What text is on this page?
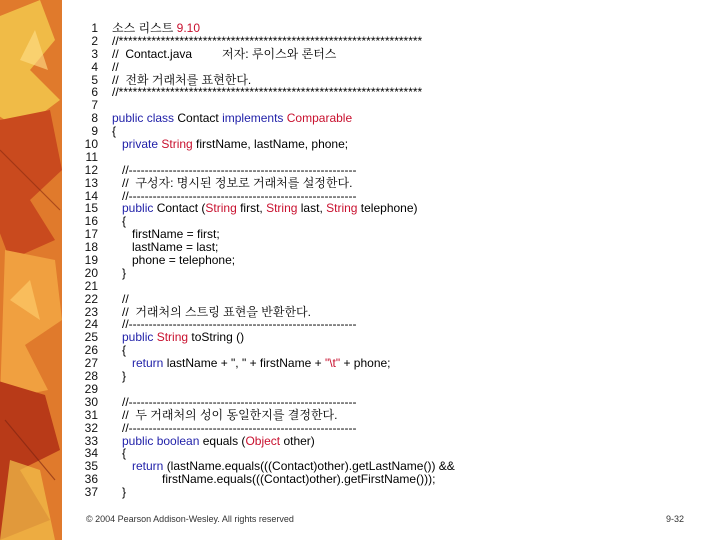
1 소스 리스트 9.10
2 //*****************************************************************
3 //  Contact.java         저자: 루이스와 론터스
4 //
5 //  전화 거래처를 표현한다.
6 //*****************************************************************
7
8 public class Contact implements Comparable
9 {
10 private String firstName, lastName, phone;
11
12 //---------------------------------------------------------
13 //  구성자: 명시된 정보로 거래처를 설정한다.
14 //---------------------------------------------------------
15 public Contact (String first, String last, String telephone)
16 {
17 firstName = first;
18 lastName = last;
19 phone = telephone;
20 }
21
22 //
23 //  거래처의 스트링 표현을 반환한다.
24 //---------------------------------------------------------
25 public String toString ()
26 {
27 return lastName + ", " + firstName + "\t" + phone;
28 }
29
30 //---------------------------------------------------------
31 //  두 거래처의 성이 동일한지를 결정한다.
32 //---------------------------------------------------------
33 public boolean equals (Object other)
34 {
35 return (lastName.equals(((Contact)other).getLastName()) &&
36 firstName.equals(((Contact)other).getFirstName()));
37 }
© 2004 Pearson Addison-Wesley. All rights reserved	9-32
